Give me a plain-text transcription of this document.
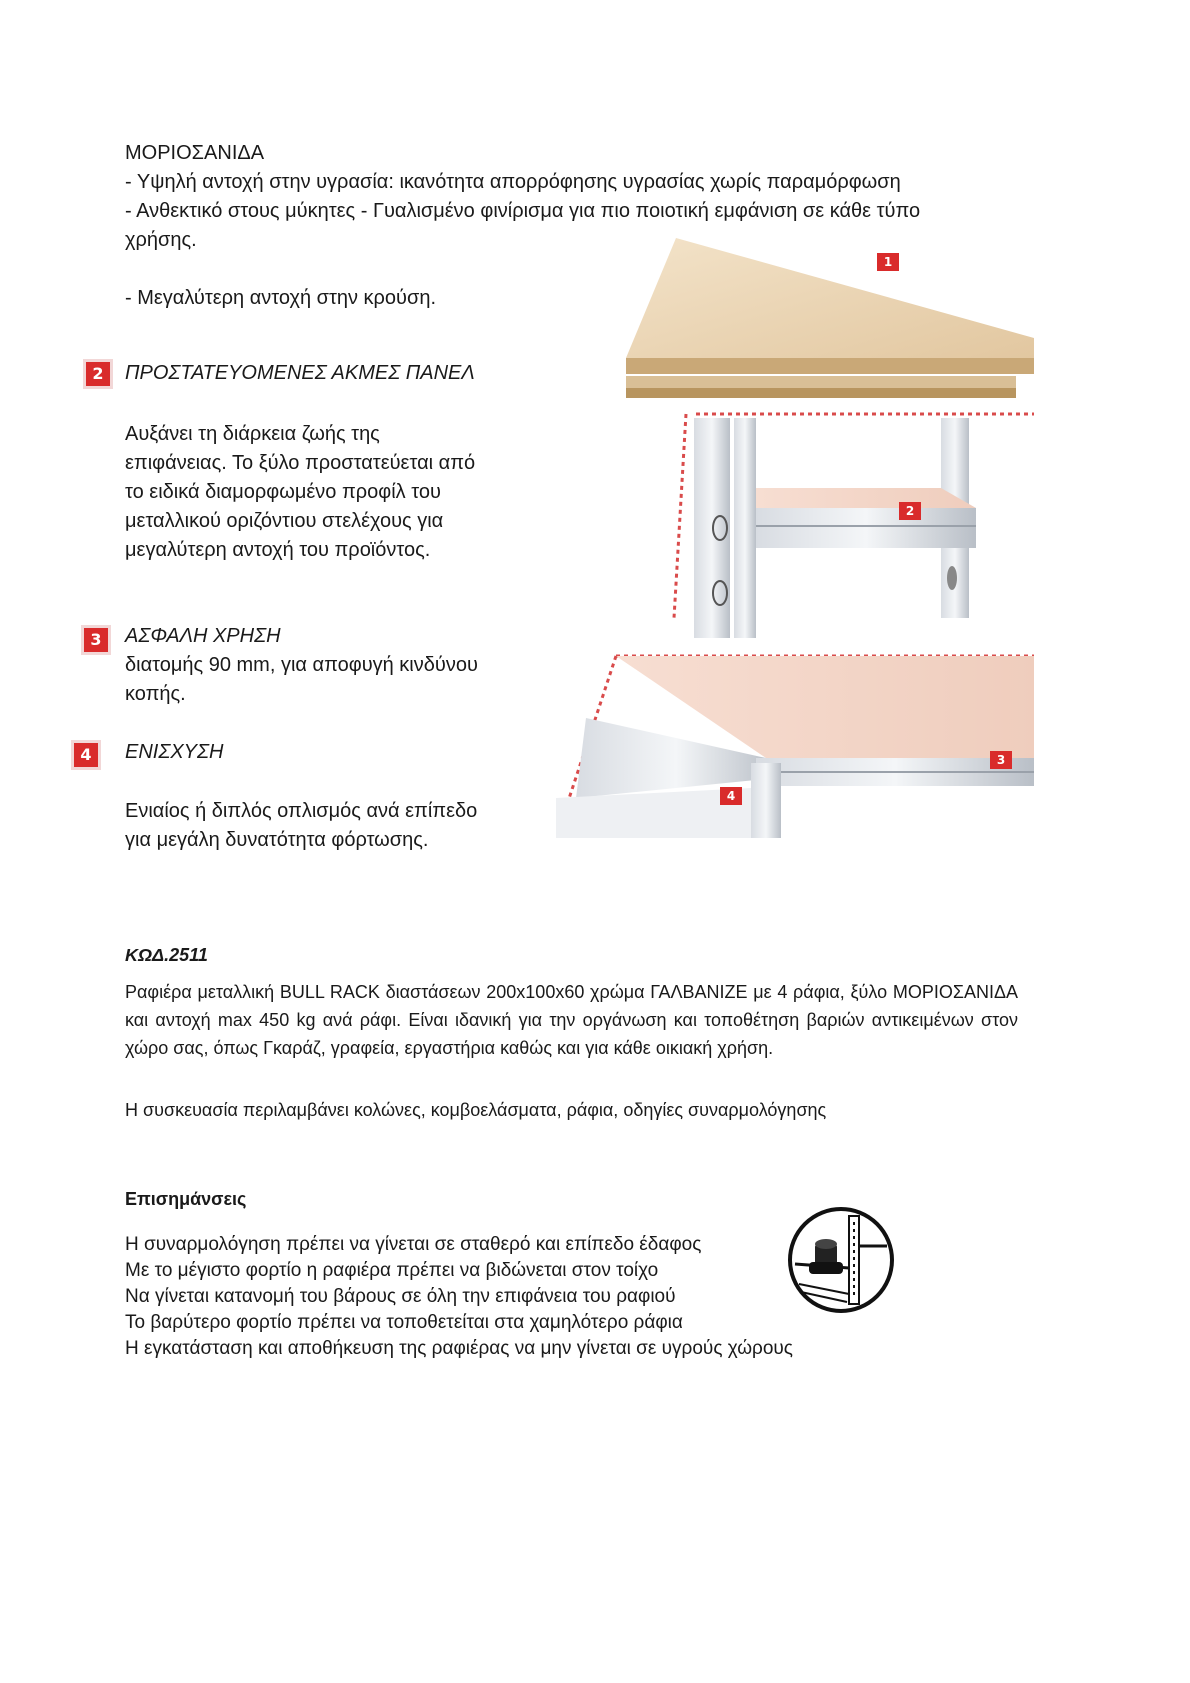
ΜΟΡΙΟΣΑΝΙΔΑ
- Υψηλή αντοχή στην υγρασία: ικανότητα απορρόφησης υγρασίας χωρίς παραμόρφωση
- Ανθεκτικό στους μύκητες - Γυαλισμένο φινίρισμα για πιο ποιοτική εμφάνιση σε κάθε τύπο
χρήσης.
- Μεγαλύτερη αντοχή στην κρούση.
2	ΠΡΟΣΤΑΤΕΥΟΜΕΝΕΣ ΑΚΜΕΣ ΠΑΝΕΛ
Αυξάνει τη διάρκεια ζωής της
επιφάνειας. Το ξύλο προστατεύεται από
το ειδικά διαμορφωμένο προφίλ του
μεταλλικού οριζόντιου στελέχους για
μεγαλύτερη αντοχή του προϊόντος.
3	ΑΣΦΑΛΗ ΧΡΗΣΗ
διατομής 90 mm, για αποφυγή κινδύνου
κοπής.
4	ΕΝΙΣΧΥΣΗ
Ενιαίος ή διπλός οπλισμός ανά επίπεδο
για μεγάλη δυνατότητα φόρτωσης.
1
2
3
4
ΚΩΔ.2511
Ραφιέρα μεταλλική BULL RACK διαστάσεων 200x100x60 χρώμα ΓΑΛΒΑΝΙΖΕ με 4 ράφια, ξύλο ΜΟΡΙΟΣΑΝΙΔΑ και αντοχή max 450 kg ανά ράφι. Είναι ιδανική για την οργάνωση και τοποθέτηση βαριών αντικειμένων στον χώρο σας, όπως Γκαράζ, γραφεία, εργαστήρια καθώς και για κάθε οικιακή χρήση.
Η συσκευασία περιλαμβάνει κολώνες, κομβοελάσματα, ράφια, οδηγίες συναρμολόγησης
Επισημάνσεις
Η συναρμολόγηση πρέπει να γίνεται σε σταθερό και επίπεδο έδαφος
Με το μέγιστο φορτίο η ραφιέρα πρέπει να βιδώνεται στον τοίχο
Να γίνεται κατανομή του βάρους σε όλη την επιφάνεια του ραφιού
Το βαρύτερο φορτίο πρέπει να τοποθετείται στα χαμηλότερο ράφια
Η εγκατάσταση και αποθήκευση της ραφιέρας να μην γίνεται σε υγρούς χώρους
